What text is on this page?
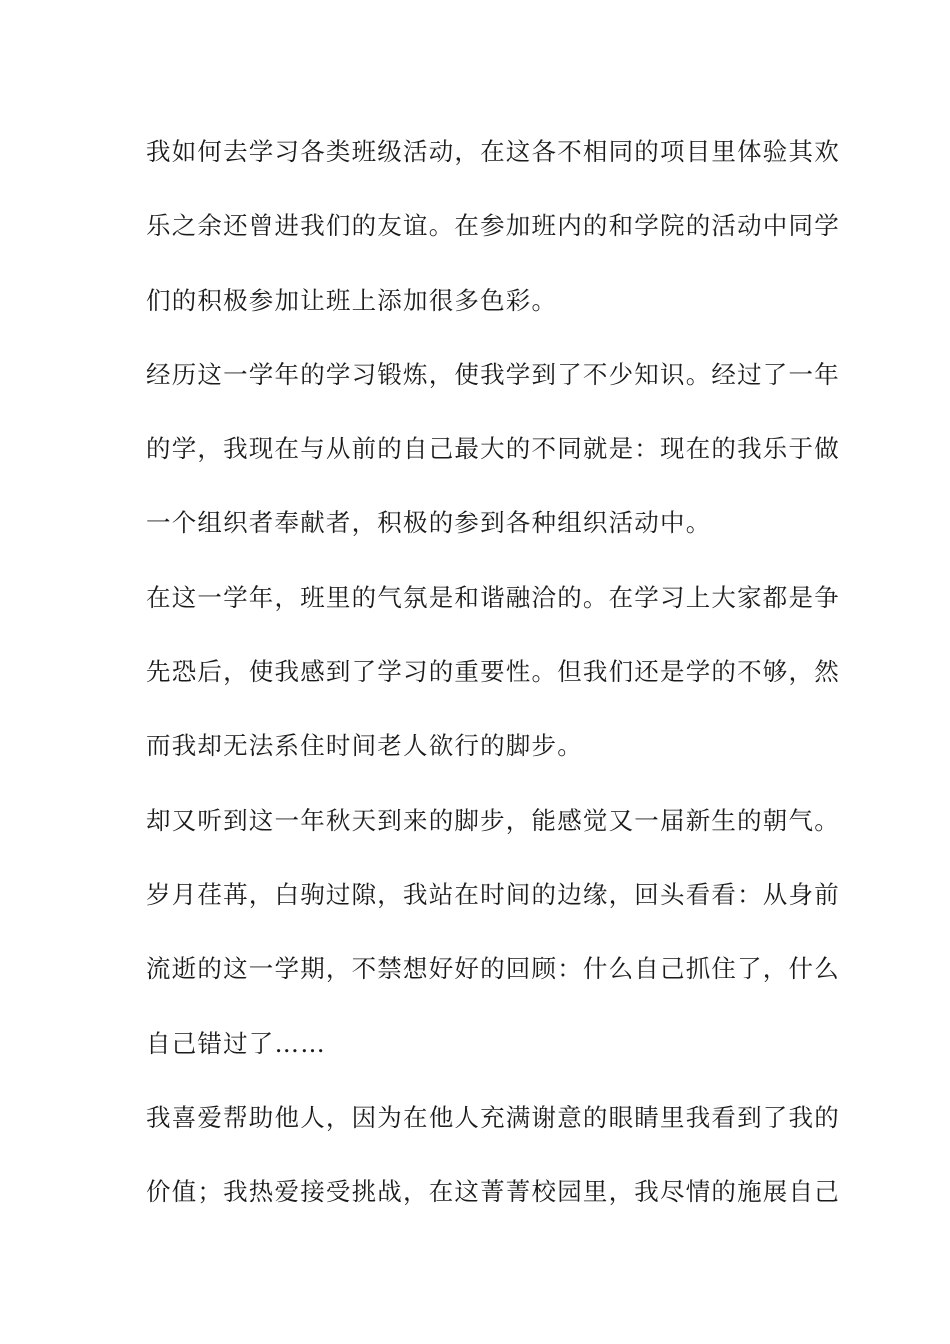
我如何去学习各类班级活动，在这各不相同的项目里体验其欢
乐之余还曾进我们的友谊。在参加班内的和学院的活动中同学
们的积极参加让班上添加很多色彩。
经历这一学年的学习锻炼，使我学到了不少知识。经过了一年
的学，我现在与从前的自己最大的不同就是：现在的我乐于做
一个组织者奉献者，积极的参到各种组织活动中。
在这一学年，班里的气氛是和谐融洽的。在学习上大家都是争
先恐后，使我感到了学习的重要性。但我们还是学的不够，然
而我却无法系住时间老人欲行的脚步。
却又听到这一年秋天到来的脚步，能感觉又一届新生的朝气。
岁月荏苒，白驹过隙，我站在时间的边缘，回头看看：从身前
流逝的这一学期，不禁想好好的回顾：什么自己抓住了，什么
自己错过了……
我喜爱帮助他人，因为在他人充满谢意的眼睛里我看到了我的
价值；我热爱接受挑战，在这菁菁校园里，我尽情的施展自己
